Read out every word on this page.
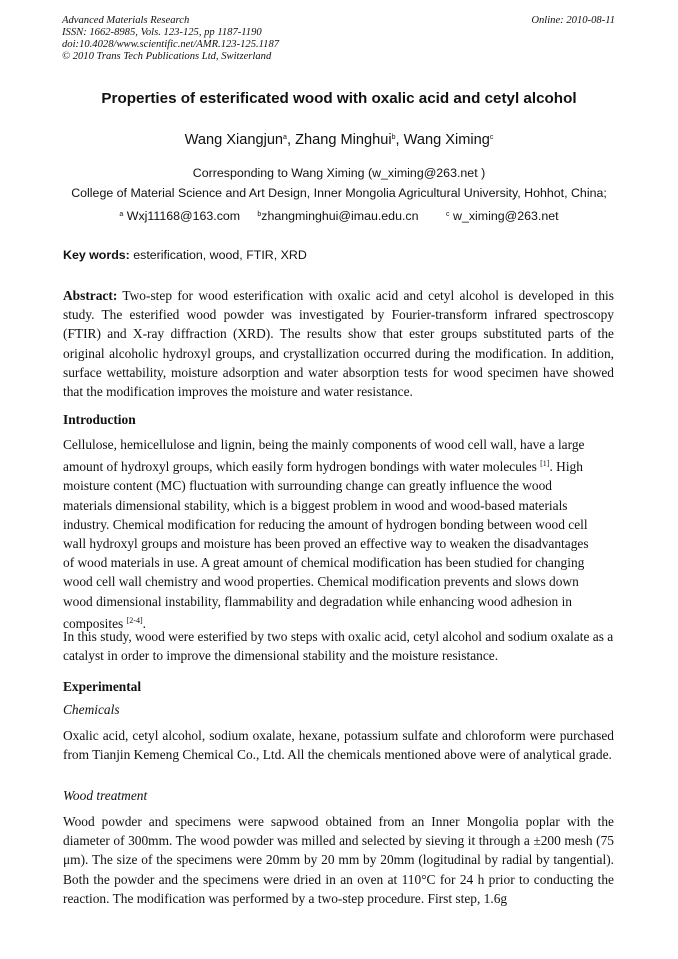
Advanced Materials Research
ISSN: 1662-8985, Vols. 123-125, pp 1187-1190
doi:10.4028/www.scientific.net/AMR.123-125.1187
© 2010 Trans Tech Publications Ltd, Switzerland
Online: 2010-08-11
Properties of esterificated wood with oxalic acid and cetyl alcohol
Wang Xiangjun$^a$, Zhang Minghui$^b$, Wang Ximing$^c$
Corresponding to Wang Ximing (w_ximing@263.net )
College of Material Science and Art Design, Inner Mongolia Agricultural University, Hohhot, China;
$^a$ Wxj11168@163.com $^b$zhangminghui@imau.edu.cn	$^c$ w_ximing@263.net
Key words: esterification, wood, FTIR, XRD
Abstract: Two-step for wood esterification with oxalic acid and cetyl alcohol is developed in this study. The esterified wood powder was investigated by Fourier-transform infrared spectroscopy (FTIR) and X-ray diffraction (XRD). The results show that ester groups substituted parts of the original alcoholic hydroxyl groups, and crystallization occurred during the modification. In addition, surface wettability, moisture adsorption and water absorption tests for wood specimen have showed that the modification improves the moisture and water resistance.
Introduction
Cellulose, hemicellulose and lignin, being the mainly components of wood cell wall, have a large
amount of hydroxyl groups, which easily form hydrogen bondings with water molecules [1]. High
moisture content (MC) fluctuation with surrounding change can greatly influence the wood
materials dimensional stability, which is a biggest problem in wood and wood-based materials
industry. Chemical modification for reducing the amount of hydrogen bonding between wood cell
wall hydroxyl groups and moisture has been proved an effective way to weaken the disadvantages
of wood materials in use. A great amount of chemical modification has been studied for changing
wood cell wall chemistry and wood properties. Chemical modification prevents and slows down
wood dimensional instability, flammability and degradation while enhancing wood adhesion in
composites [2-4].
In this study, wood were esterified by two steps with oxalic acid, cetyl alcohol and sodium oxalate as a catalyst in order to improve the dimensional stability and the moisture resistance.
Experimental
Chemicals
Oxalic acid, cetyl alcohol, sodium oxalate, hexane, potassium sulfate and chloroform were purchased from Tianjin Kemeng Chemical Co., Ltd. All the chemicals mentioned above were of analytical grade.
Wood treatment
Wood powder and specimens were sapwood obtained from an Inner Mongolia poplar with the diameter of 300mm. The wood powder was milled and selected by sieving it through a ±200 mesh (75 μm). The size of the specimens were 20mm by 20 mm by 20mm (logitudinal by radial by tangential). Both the powder and the specimens were dried in an oven at 110°C for 24 h prior to conducting the reaction. The modification was performed by a two-step procedure. First step, 1.6g
